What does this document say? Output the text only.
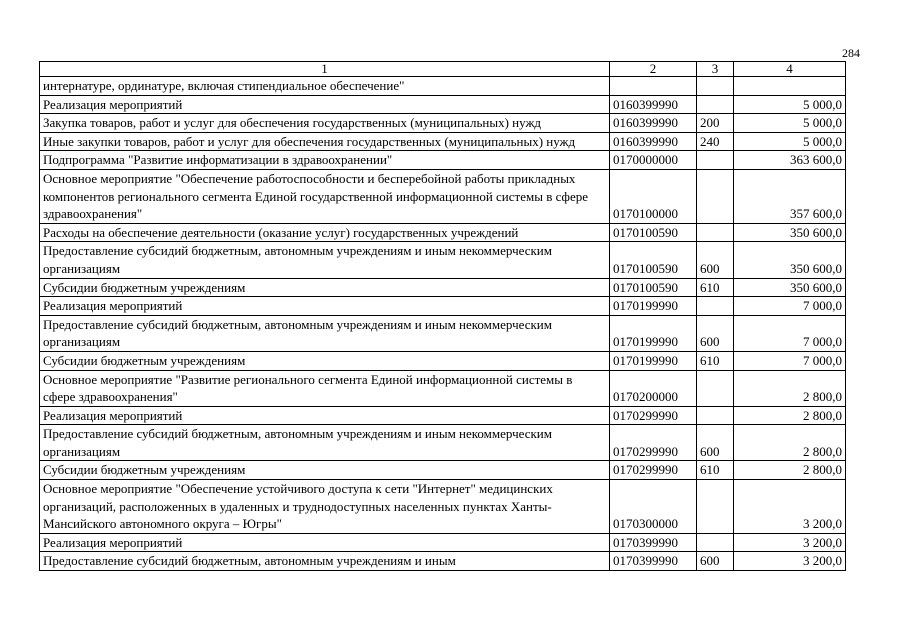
284
1	2	3	4
интернатуре, ординатуре, включая стипендиальное обеспечение"			
Реализация мероприятий	0160399990		5 000,0
Закупка товаров, работ и услуг для обеспечения государственных (муниципальных) нужд	0160399990	200	5 000,0
Иные закупки товаров, работ и услуг для обеспечения государственных (муниципальных) нужд	0160399990	240	5 000,0
Подпрограмма "Развитие информатизации в здравоохранении"	0170000000		363 600,0
Основное мероприятие "Обеспечение работоспособности и бесперебойной работы прикладных компонентов регионального сегмента Единой государственной информационной системы в сфере здравоохранения"	0170100000		357 600,0
Расходы на обеспечение деятельности (оказание услуг) государственных учреждений	0170100590		350 600,0
Предоставление субсидий бюджетным, автономным учреждениям и иным некоммерческим организациям	0170100590	600	350 600,0
Субсидии бюджетным учреждениям	0170100590	610	350 600,0
Реализация мероприятий	0170199990		7 000,0
Предоставление субсидий бюджетным, автономным учреждениям и иным некоммерческим организациям	0170199990	600	7 000,0
Субсидии бюджетным учреждениям	0170199990	610	7 000,0
Основное мероприятие "Развитие регионального сегмента Единой информационной системы в сфере здравоохранения"	0170200000		2 800,0
Реализация мероприятий	0170299990		2 800,0
Предоставление субсидий бюджетным, автономным учреждениям и иным некоммерческим организациям	0170299990	600	2 800,0
Субсидии бюджетным учреждениям	0170299990	610	2 800,0
Основное мероприятие "Обеспечение устойчивого доступа к сети "Интернет" медицинских организаций, расположенных в удаленных и труднодоступных населенных пунктах Ханты-Мансийского автономного округа – Югры"	0170300000		3 200,0
Реализация мероприятий	0170399990		3 200,0
Предоставление субсидий бюджетным, автономным учреждениям и иным	0170399990	600	3 200,0
